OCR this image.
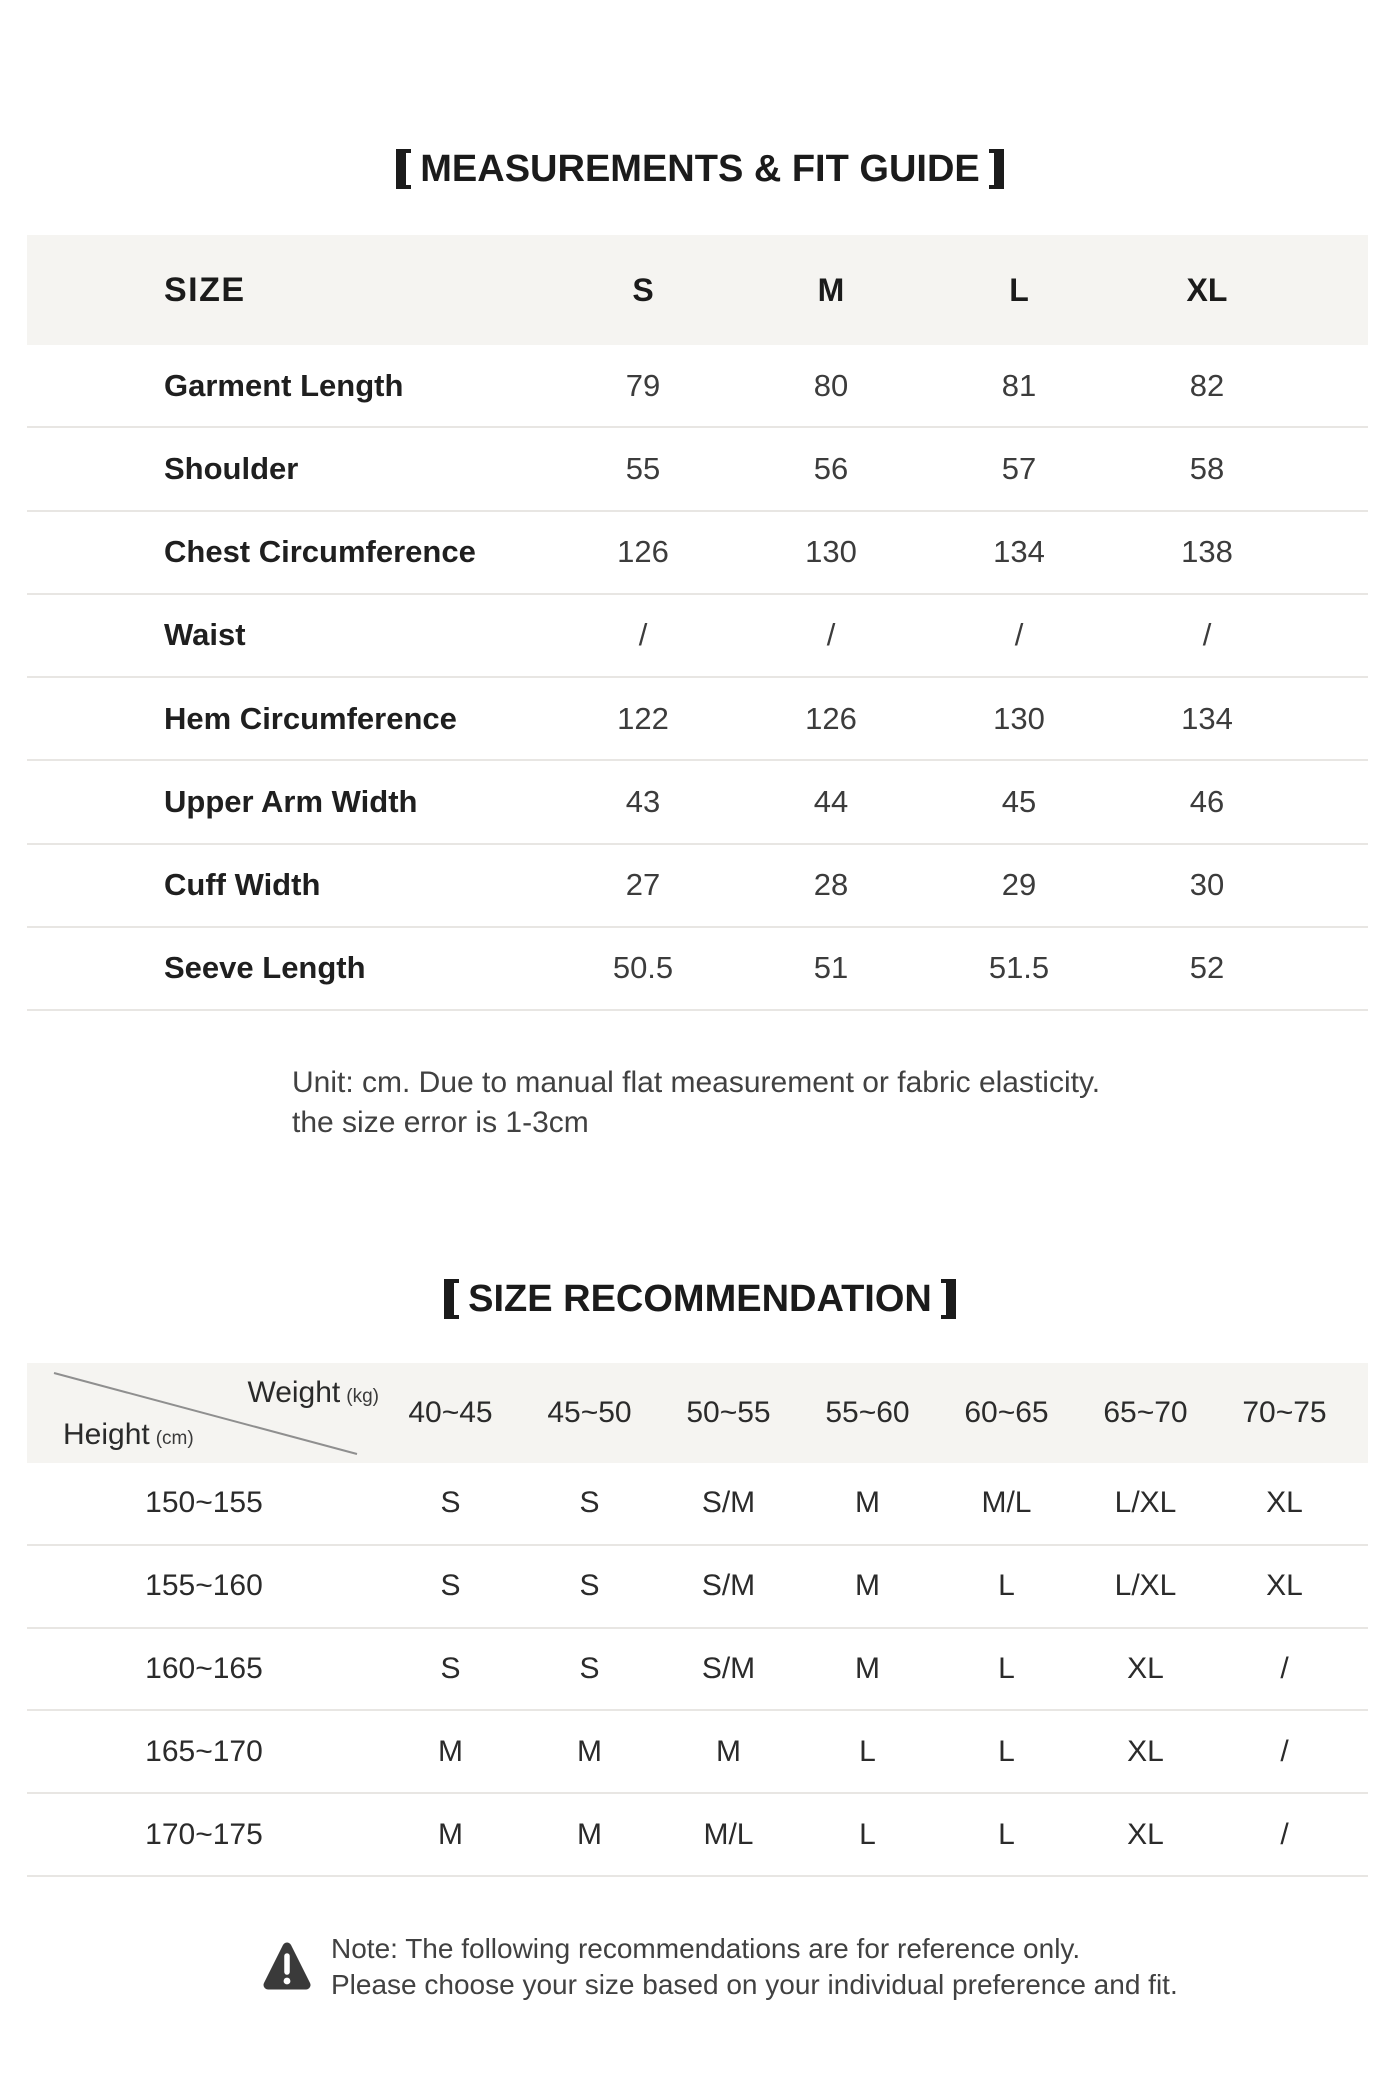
MEASUREMENTS & FIT GUIDE
SIZE	S	M	L	XL
Garment Length	79	80	81	82
Shoulder	55	56	57	58
Chest Circumference	126	130	134	138
Waist	/	/	/	/
Hem Circumference	122	126	130	134
Upper Arm Width	43	44	45	46
Cuff Width	27	28	29	30
Seeve Length	50.5	51	51.5	52
Unit: cm. Due to manual flat measurement or fabric elasticity.
the size error is 1-3cm
SIZE RECOMMENDATION
Weight (kg)
Height (cm)
40~45	45~50	50~55	55~60	60~65	65~70	70~75
150~155	S	S	S/M	M	M/L	L/XL	XL
155~160	S	S	S/M	M	L	L/XL	XL
160~165	S	S	S/M	M	L	XL	/
165~170	M	M	M	L	L	XL	/
170~175	M	M	M/L	L	L	XL	/
Note: The following recommendations are for reference only.
Please choose your size based on your individual preference and fit.
